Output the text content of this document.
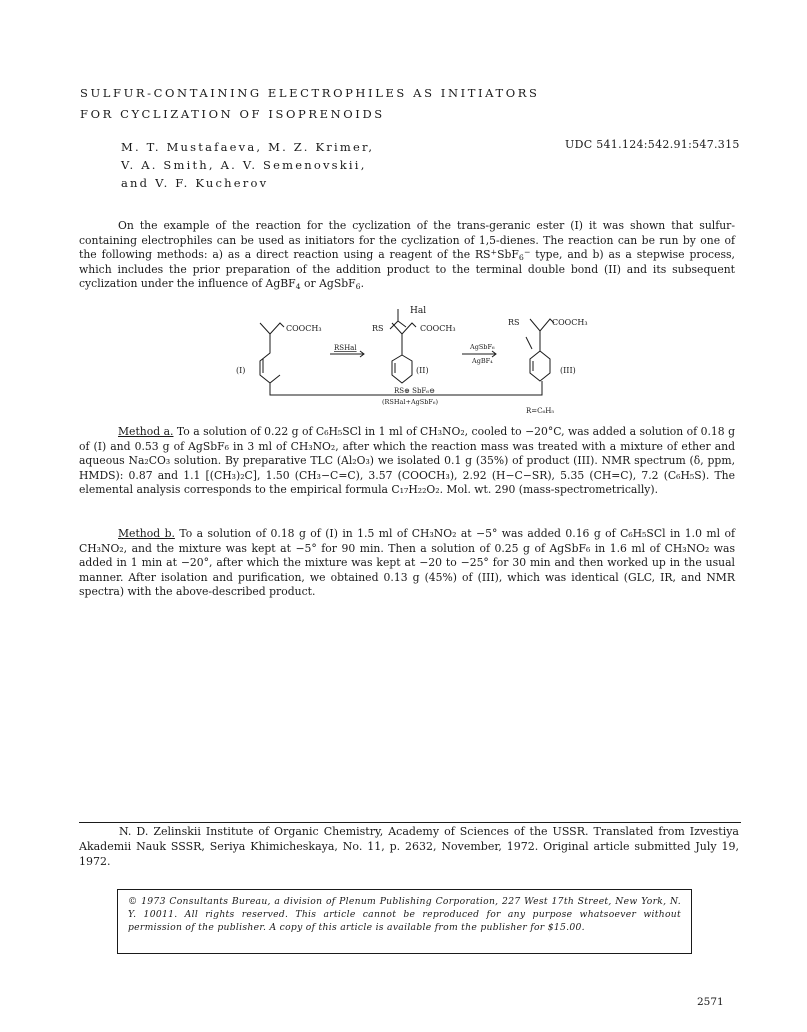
SULFUR-CONTAINING ELECTROPHILES AS INITIATORS
FOR CYCLIZATION OF ISOPRENOIDS
M. T. Mustafaeva, M. Z. Krimer,
V. A. Smith, A. V. Semenovskii,
and V. F. Kucherov
UDC 541.124:542.91:547.315

On the example of the reaction for the cyclization of the trans-geranic ester (I) it was shown that sulfur-containing electrophiles can be used as initiators for the cyclization of 1,5-dienes. The reaction can be run by one of the following methods: a) as a direct reaction using a reagent of the RS+SbF$_6$− type, and b) as a stepwise process, which includes the prior preparation of the addition product to the terminal double bond (II) and its subsequent cyclization under the influence of AgBF$_4$ or AgSbF$_6$.

Hal
COOCH₃	RS	COOCH₃
RS	COOCH₃
RSHal	AgSbF₆
AgBF₄
(I)	(II)	(III)
RS⊕ SbF₆⊖
(RSHal+AgSbF₆)
R=C₆H₅

Method a. To a solution of 0.22 g of C₆H₅SCl in 1 ml of CH₃NO₂, cooled to −20°C, was added a solution of 0.18 g of (I) and 0.53 g of AgSbF₆ in 3 ml of CH₃NO₂, after which the reaction mass was treated with a mixture of ether and aqueous Na₂CO₃ solution. By preparative TLC (Al₂O₃) we isolated 0.1 g (35%) of product (III). NMR spectrum (δ, ppm, HMDS): 0.87 and 1.1 [(CH₃)₂C], 1.50 (CH₃−C=C), 3.57 (COOCH₃), 2.92 (H−C−SR), 5.35 (CH=C), 7.2 (C₆H₅S). The elemental analysis corresponds to the empirical formula C₁₇H₂₂O₂. Mol. wt. 290 (mass-spectrometrically).

Method b. To a solution of 0.18 g of (I) in 1.5 ml of CH₃NO₂ at −5° was added 0.16 g of C₆H₅SCl in 1.0 ml of CH₃NO₂, and the mixture was kept at −5° for 90 min. Then a solution of 0.25 g of AgSbF₆ in 1.6 ml of CH₃NO₂ was added in 1 min at −20°, after which the mixture was kept at −20 to −25° for 30 min and then worked up in the usual manner. After isolation and purification, we obtained 0.13 g (45%) of (III), which was identical (GLC, IR, and NMR spectra) with the above-described product.

N. D. Zelinskii Institute of Organic Chemistry, Academy of Sciences of the USSR. Translated from Izvestiya Akademii Nauk SSSR, Seriya Khimicheskaya, No. 11, p. 2632, November, 1972. Original article submitted July 19, 1972.

© 1973 Consultants Bureau, a division of Plenum Publishing Corporation, 227 West 17th Street, New York, N. Y. 10011. All rights reserved. This article cannot be reproduced for any purpose whatsoever without permission of the publisher. A copy of this article is available from the publisher for $15.00.

2571
